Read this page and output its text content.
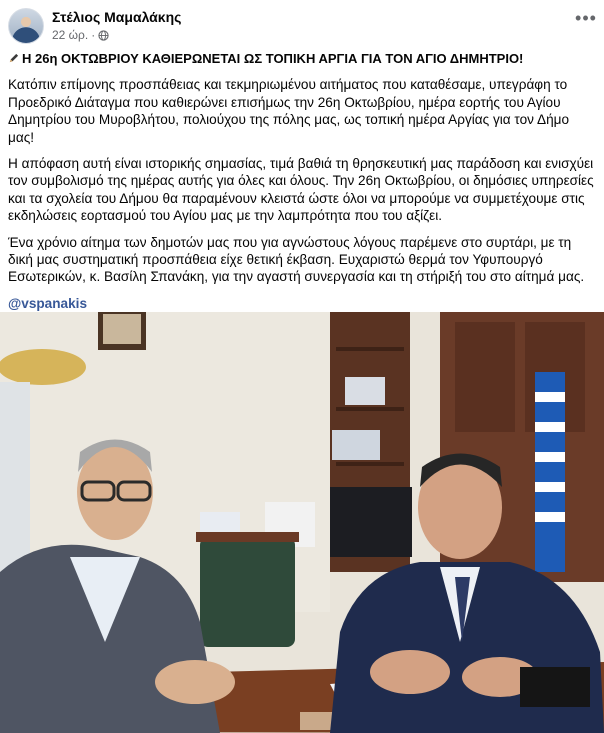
Στέλιος Μαμαλάκης
22 ώρ. ·
•••

Η 26η ΟΚΤΩΒΡΙΟΥ ΚΑΘΙΕΡΩΝΕΤΑΙ ΩΣ ΤΟΠΙΚΗ ΑΡΓΙΑ ΓΙΑ ΤΟΝ ΑΓΙΟ ΔΗΜΗΤΡΙΟ!

Κατόπιν επίμονης προσπάθειας και τεκμηριωμένου αιτήματος που καταθέσαμε, υπεγράφη το Προεδρικό Διάταγμα που καθιερώνει επισήμως την 26η Οκτωβρίου, ημέρα εορτής του Αγίου Δημητρίου του Μυροβλήτου, πολιούχου της πόλης μας, ως τοπική ημέρα Αργίας για τον Δήμο μας!

Η απόφαση αυτή είναι ιστορικής σημασίας, τιμά βαθιά τη θρησκευτική μας παράδοση και ενισχύει τον συμβολισμό της ημέρας αυτής για όλες και όλους. Την 26η Οκτωβρίου, οι δημόσιες υπηρεσίες και τα σχολεία του Δήμου θα παραμένουν κλειστά ώστε όλοι να μπορούμε να συμμετέχουμε στις εκδηλώσεις εορτασμού του Αγίου μας με την λαμπρότητα που του αξίζει.

Ένα χρόνιο αίτημα των δημοτών μας που για αγνώστους λόγους παρέμενε στο συρτάρι, με τη δική μας συστηματική προσπάθεια είχε θετική έκβαση. Ευχαριστώ θερμά τον Υφυπουργό Εσωτερικών, κ. Βασίλη Σπανάκη, για την αγαστή συνεργασία και τη στήριξή του στο αίτημά μας.

@vspanakis
